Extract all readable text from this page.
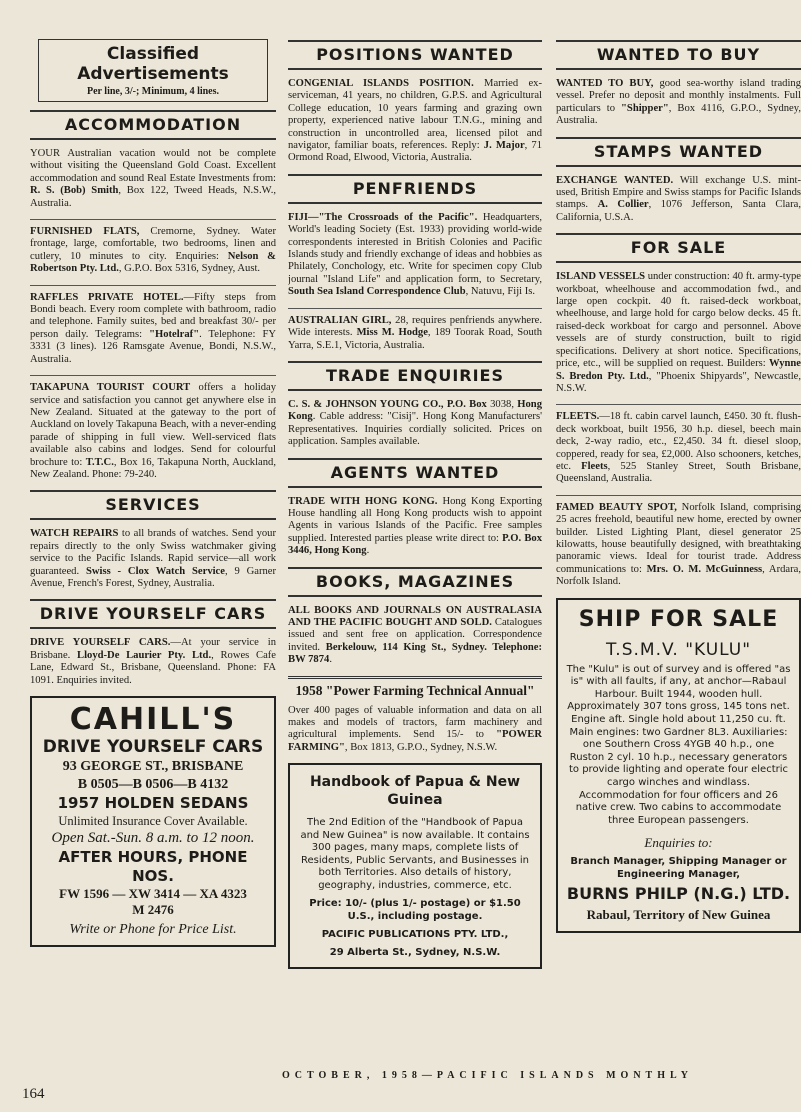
Classified Advertisements
Per line, 3/-; Minimum, 4 lines.
ACCOMMODATION

YOUR Australian vacation would not be complete without visiting the Queensland Gold Coast. Excellent accommodation and sound Real Estate Investments from: R. S. (Bob) Smith, Box 122, Tweed Heads, N.S.W., Australia.

FURNISHED FLATS, Cremorne, Sydney. Water frontage, large, comfortable, two bedrooms, linen and cutlery, 10 minutes to city. Enquiries: Nelson & Robertson Pty. Ltd., G.P.O. Box 5316, Sydney, Aust.

RAFFLES PRIVATE HOTEL.—Fifty steps from Bondi beach. Every room complete with bathroom, radio and telephone. Family suites, bed and breakfast 30/- per person daily. Telegrams: "Hotelraf". Telephone: FY 3331 (3 lines). 126 Ramsgate Avenue, Bondi, N.S.W., Australia.

TAKAPUNA TOURIST COURT offers a holiday service and satisfaction you cannot get anywhere else in New Zealand. Situated at the gateway to the port of Auckland on lovely Takapuna Beach, with a never-ending parade of shipping in full view. Well-serviced flats available also cabins and lodges. Send for colourful brochure to: T.T.C., Box 16, Takapuna North, Auckland, New Zealand. Phone: 79-240.

SERVICES

WATCH REPAIRS to all brands of watches. Send your repairs directly to the only Swiss watchmaker giving service to the Pacific Islands. Rapid service—all work guaranteed. Swiss - Clox Watch Service, 9 Garner Avenue, French's Forest, Sydney, Australia.

DRIVE YOURSELF CARS

DRIVE YOURSELF CARS.—At your service in Brisbane. Lloyd-De Laurier Pty. Ltd., Rowes Cafe Lane, Edward St., Brisbane, Queensland. Phone: FA 1091. Enquiries invited.

CAHILL'S
DRIVE YOURSELF CARS
93 GEORGE ST., BRISBANE
B 0505—B 0506—B 4132
1957 HOLDEN SEDANS
Unlimited Insurance Cover Available.
Open Sat.-Sun. 8 a.m. to 12 noon.
AFTER HOURS, PHONE NOS.
FW 1596 — XW 3414 — XA 4323
M 2476
Write or Phone for Price List.
POSITIONS WANTED

CONGENIAL ISLANDS POSITION. Married ex-serviceman, 41 years, no children, G.P.S. and Agricultural College education, 10 years farming and grazing own property, experienced native labour T.N.G., mining and construction in uncontrolled area, licensed pilot and navigator, familiar boats, references. Reply: J. Major, 71 Ormond Road, Elwood, Victoria, Australia.

PENFRIENDS

FIJI—"The Crossroads of the Pacific". Headquarters, World's leading Society (Est. 1933) providing world-wide correspondents interested in British Colonies and Pacific Islands study and friendly exchange of ideas and hobbies as Philately, Conchology, etc. Write for specimen copy Club journal "Island Life" and application form, to Secretary, South Sea Island Correspondence Club, Natuvu, Fiji Is.

AUSTRALIAN GIRL, 28, requires penfriends anywhere. Wide interests. Miss M. Hodge, 189 Toorak Road, South Yarra, S.E.1, Victoria, Australia.

TRADE ENQUIRIES

C. S. & JOHNSON YOUNG CO., P.O. Box 3038, Hong Kong. Cable address: "Cisij". Hong Kong Manufacturers' Representatives. Inquiries cordially solicited. Prices on application. Samples available.

AGENTS WANTED

TRADE WITH HONG KONG. Hong Kong Exporting House handling all Hong Kong products wish to appoint Agents in various Islands of the Pacific. Free samples supplied. Interested parties please write direct to: P.O. Box 3446, Hong Kong.

BOOKS, MAGAZINES

ALL BOOKS AND JOURNALS ON AUSTRALASIA AND THE PACIFIC BOUGHT AND SOLD. Catalogues issued and sent free on application. Correspondence invited. Berkelouw, 114 King St., Sydney. Telephone: BW 7874.

1958 "Power Farming Technical Annual"

Over 400 pages of valuable information and data on all makes and models of tractors, farm machinery and agricultural implements. Send 15/- to "POWER FARMING", Box 1813, G.P.O., Sydney, N.S.W.

Handbook of Papua & New Guinea
The 2nd Edition of the "Handbook of Papua and New Guinea" is now available. It contains 300 pages, many maps, complete lists of Residents, Public Servants, and Businesses in both Territories. Also details of history, geography, industries, commerce, etc.
Price: 10/- (plus 1/- postage) or $1.50 U.S., including postage.
PACIFIC PUBLICATIONS PTY. LTD.,
29 Alberta St., Sydney, N.S.W.
WANTED TO BUY

WANTED TO BUY, good sea-worthy island trading vessel. Prefer no deposit and monthly instalments. Full particulars to "Shipper", Box 4116, G.P.O., Sydney, Australia.

STAMPS WANTED

EXCHANGE WANTED. Will exchange U.S. mint-used, British Empire and Swiss stamps for Pacific Islands stamps. A. Collier, 1076 Jefferson, Santa Clara, California, U.S.A.

FOR SALE

ISLAND VESSELS under construction: 40 ft. army-type workboat, wheelhouse and accommodation fwd., and large open cockpit. 40 ft. raised-deck workboat, wheelhouse, and large hold for cargo below decks. 45 ft. raised-deck workboat for cargo and personnel. Above vessels are of sturdy construction, built to rigid specifications. Delivery at short notice. Specifications, price, etc., will be supplied on request. Builders: Wynne S. Bredon Pty. Ltd., "Phoenix Shipyards", Newcastle, N.S.W.

FLEETS.—18 ft. cabin carvel launch, £450. 30 ft. flush-deck workboat, built 1956, 30 h.p. diesel, beech main deck, 2-way radio, etc., £2,450. 34 ft. diesel sloop, coppered, ready for sea, £2,000. Also schooners, ketches, etc. Fleets, 525 Stanley Street, South Brisbane, Queensland, Australia.

FAMED BEAUTY SPOT, Norfolk Island, comprising 25 acres freehold, beautiful new home, erected by owner builder. Listed Lighting Plant, diesel generator 25 kilowatts, house beautifully designed, with breathtaking panoramic views. Ideal for tourist trade. Address communications to: Mrs. O. M. McGuinness, Ardara, Norfolk Island.

SHIP FOR SALE
T.S.M.V. "KULU"
The "Kulu" is out of survey and is offered "as is" with all faults, if any, at anchor—Rabaul Harbour. Built 1944, wooden hull. Approximately 307 tons gross, 145 tons net. Engine aft. Single hold about 11,250 cu. ft. Main engines: two Gardner 8L3. Auxiliaries: one Southern Cross 4YGB 40 h.p., one Ruston 2 cyl. 10 h.p., necessary generators to provide lighting and operate four electric cargo winches and windlass. Accommodation for four officers and 26 native crew. Two cabins to accommodate three European passengers.
Enquiries to:
Branch Manager, Shipping Manager or Engineering Manager,
BURNS PHILP (N.G.) LTD.
Rabaul, Territory of New Guinea
164
OCTOBER, 1958—PACIFIC ISLANDS MONTHLY
